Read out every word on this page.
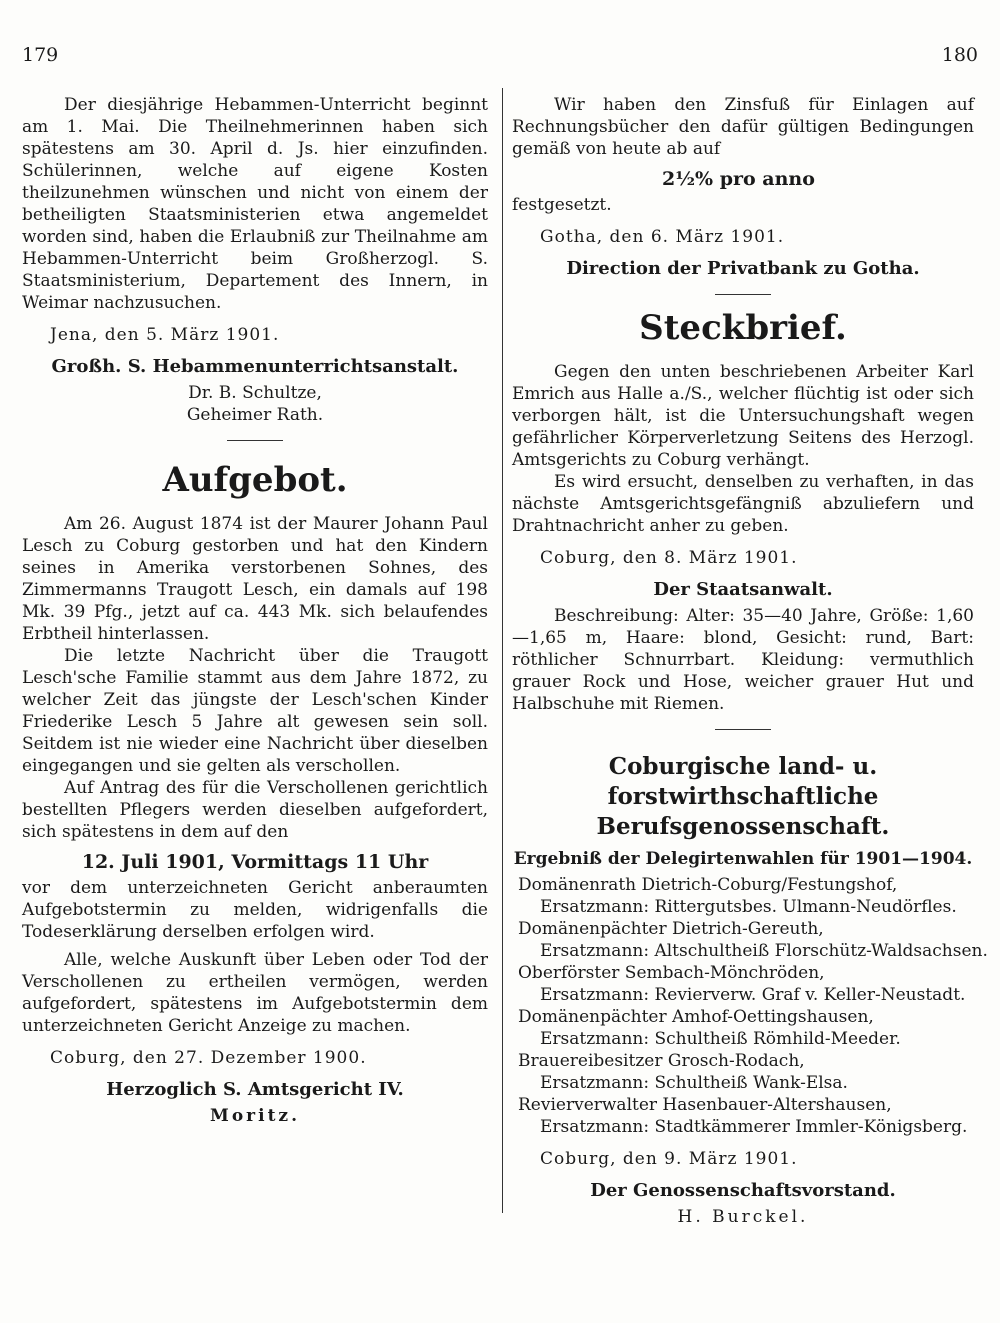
179	180

Der diesjährige Hebammen-Unterricht beginnt am 1. Mai. Die Theilnehmerinnen haben sich spätestens am 30. April d. Js. hier einzufinden. Schülerinnen, welche auf eigene Kosten theilzunehmen wünschen und nicht von einem der betheiligten Staatsministerien etwa angemeldet worden sind, haben die Erlaubniß zur Theilnahme am Hebammen-Unterricht beim Großherzogl. S. Staatsministerium, Departement des Innern, in Weimar nachzusuchen.

Jena, den 5. März 1901.

Großh. S. Hebammenunterrichtsanstalt.
Dr. B. Schultze,
Geheimer Rath.
Aufgebot.

Am 26. August 1874 ist der Maurer Johann Paul Lesch zu Coburg gestorben und hat den Kindern seines in Amerika verstorbenen Sohnes, des Zimmermanns Traugott Lesch, ein damals auf 198 Mk. 39 Pfg., jetzt auf ca. 443 Mk. sich belaufendes Erbtheil hinterlassen.

Die letzte Nachricht über die Traugott Lesch'sche Familie stammt aus dem Jahre 1872, zu welcher Zeit das jüngste der Lesch'schen Kinder Friederike Lesch 5 Jahre alt gewesen sein soll. Seitdem ist nie wieder eine Nachricht über dieselben eingegangen und sie gelten als verschollen.

Auf Antrag des für die Verschollenen gerichtlich bestellten Pflegers werden dieselben aufgefordert, sich spätestens in dem auf den

12. Juli 1901, Vormittags 11 Uhr

vor dem unterzeichneten Gericht anberaumten Aufgebotstermin zu melden, widrigenfalls die Todeserklärung derselben erfolgen wird.

Alle, welche Auskunft über Leben oder Tod der Verschollenen zu ertheilen vermögen, werden aufgefordert, spätestens im Aufgebotstermin dem unterzeichneten Gericht Anzeige zu machen.

Coburg, den 27. Dezember 1900.

Herzoglich S. Amtsgericht IV.
Moritz.

Wir haben den Zinsfuß für Einlagen auf Rechnungsbücher den dafür gültigen Bedingungen gemäß von heute ab auf

2½% pro anno

festgesetzt.

Gotha, den 6. März 1901.

Direction der Privatbank zu Gotha.
Steckbrief.

Gegen den unten beschriebenen Arbeiter Karl Emrich aus Halle a./S., welcher flüchtig ist oder sich verborgen hält, ist die Untersuchungshaft wegen gefährlicher Körperverletzung Seitens des Herzogl. Amtsgerichts zu Coburg verhängt.

Es wird ersucht, denselben zu verhaften, in das nächste Amtsgerichtsgefängniß abzuliefern und Drahtnachricht anher zu geben.

Coburg, den 8. März 1901.

Der Staatsanwalt.

Beschreibung: Alter: 35—40 Jahre, Größe: 1,60—1,65 m, Haare: blond, Gesicht: rund, Bart: röthlicher Schnurrbart. Kleidung: vermuthlich grauer Rock und Hose, weicher grauer Hut und Halbschuhe mit Riemen.

Coburgische land- u. forstwirthschaftliche
Berufsgenossenschaft.
Ergebniß der Delegirtenwahlen für 1901—1904.

Domänenrath Dietrich-Coburg/Festungshof,

Ersatzmann: Rittergutsbes. Ulmann-Neudörfles.

Domänenpächter Dietrich-Gereuth,

Ersatzmann: Altschultheiß Florschütz-Waldsachsen.

Oberförster Sembach-Mönchröden,

Ersatzmann: Revierverw. Graf v. Keller-Neustadt.

Domänenpächter Amhof-Oettingshausen,

Ersatzmann: Schultheiß Römhild-Meeder.

Brauereibesitzer Grosch-Rodach,

Ersatzmann: Schultheiß Wank-Elsa.

Revierverwalter Hasenbauer-Altershausen,

Ersatzmann: Stadtkämmerer Immler-Königsberg.

Coburg, den 9. März 1901.

Der Genossenschaftsvorstand.
H. Burckel.
